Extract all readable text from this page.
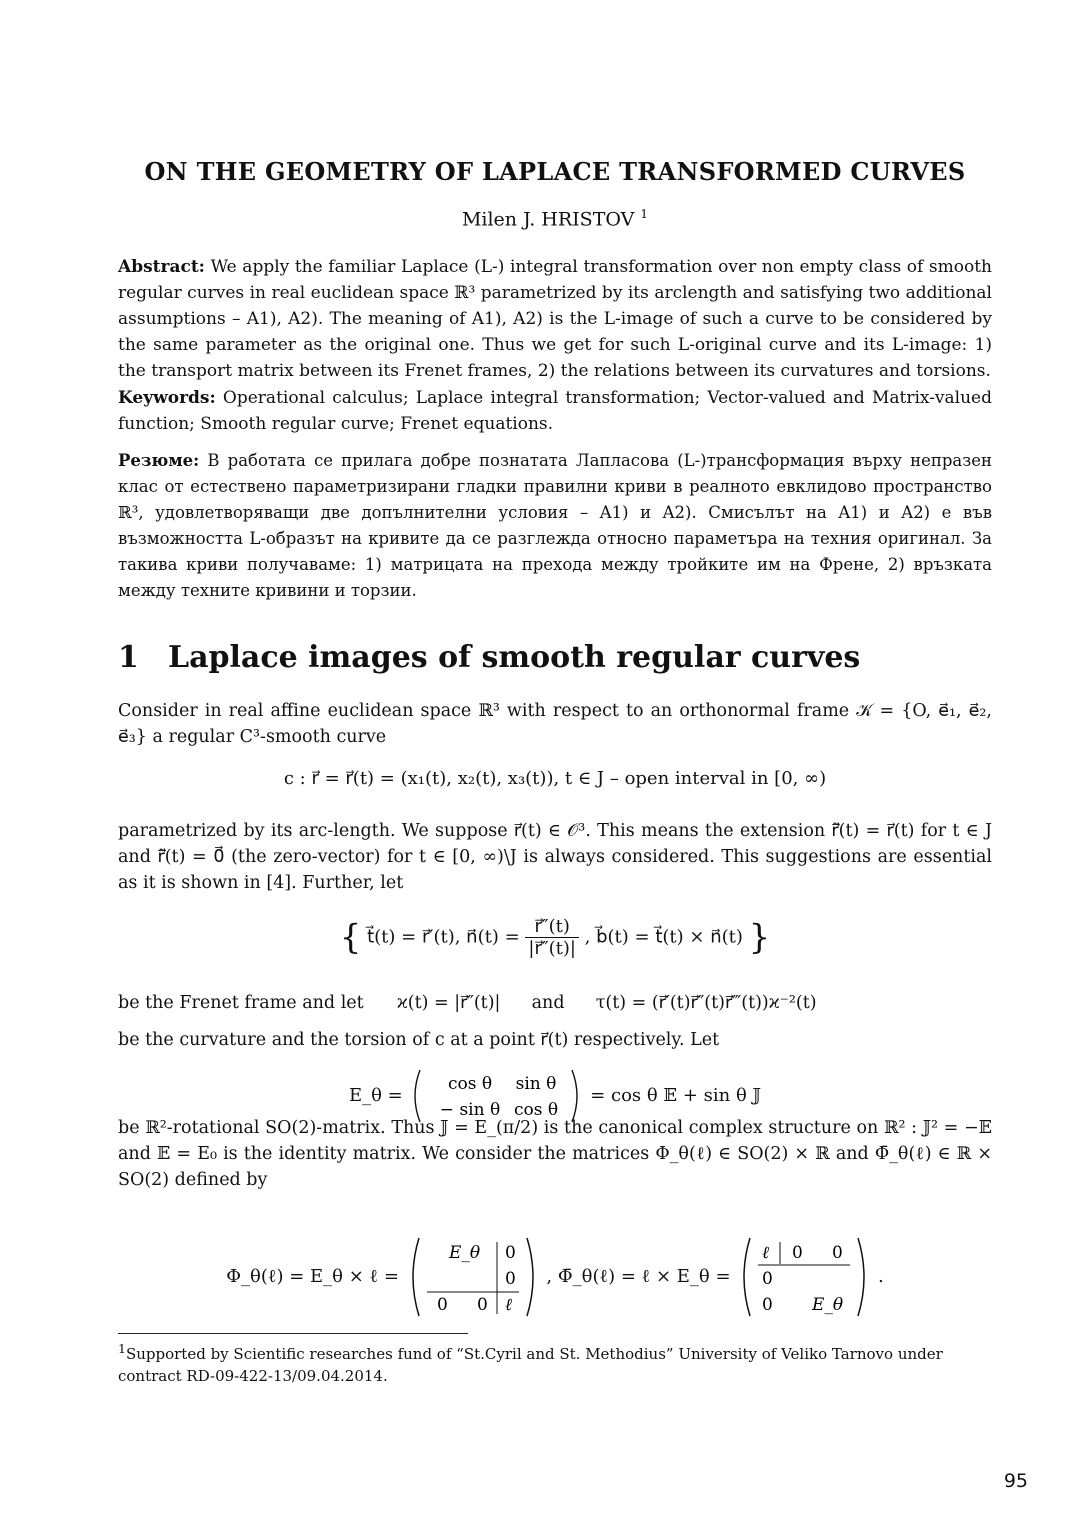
ON THE GEOMETRY OF LAPLACE TRANSFORMED CURVES
Milen J. HRISTOV $^1$

Abstract: We apply the familiar Laplace (L-) integral transformation over non empty class of smooth regular curves in real euclidean space ℝ³ parametrized by its arclength and satisfying two additional assumptions – A1), A2). The meaning of A1), A2) is the L-image of such a curve to be considered by the same parameter as the original one. Thus we get for such L-original curve and its L-image: 1) the transport matrix between its Frenet frames, 2) the relations between its curvatures and torsions.

Keywords: Operational calculus; Laplace integral transformation; Vector-valued and Matrix-valued function; Smooth regular curve; Frenet equations.

Резюме: В работата се прилага добре познатата Лапласова (L-)трансформация върху непразен клас от естествено параметризирани гладки правилни криви в реалното евклидово пространство ℝ³, удовлетворяващи две допълнителни условия – A1) и A2). Смисълът на A1) и A2) е във възможността L-образът на кривите да се разглежда относно параметъра на техния оригинал. За такива криви получаваме: 1) матрицата на прехода между тройките им на Френе, 2) връзката между техните кривини и торзии.

1 Laplace images of smooth regular curves

Consider in real affine euclidean space ℝ³ with respect to an orthonormal frame 𝒦 = {O, e⃗₁, e⃗₂, e⃗₃} a regular C³-smooth curve

c : r⃗ = r⃗(t) = (x₁(t), x₂(t), x₃(t)), t ∈ J – open interval in [0, ∞)

parametrized by its arc-length. We suppose r⃗(t) ∈ 𝒪³. This means the extension r⃗̃(t) = r⃗(t) for t ∈ J and r⃗̃(t) = 0⃗ (the zero-vector) for t ∈ [0, ∞)\J is always considered. This suggestions are essential as it is shown in [4]. Further, let

{ t⃗(t) = r⃗′(t), n⃗(t) = $\frac{r⃗''(t)}{|r⃗''(t)|}$ , b⃗(t) = t⃗(t) × n⃗(t) }
be the Frenet frame and let ϰ(t) = |r⃗″(t)| and τ(t) = (r⃗′(t)r⃗″(t)r⃗‴(t))ϰ⁻²(t)

be the curvature and the torsion of c at a point r⃗(t) respectively. Let

E_θ =
cos θ sin θ
− sin θ cos θ
= cos θ 𝔼 + sin θ 𝕁

be ℝ²-rotational SO(2)-matrix. Thus 𝕁 = E_(π/2) is the canonical complex structure on ℝ² : 𝕁² = −𝔼 and 𝔼 = E₀ is the identity matrix. We consider the matrices Φ_θ(ℓ) ∈ SO(2) × ℝ and Φ̄_θ(ℓ) ∈ ℝ × SO(2) defined by

Φ_θ(ℓ) = E_θ × ℓ =
E_θ 0
0
0 0 ℓ
, Φ̄_θ(ℓ) = ℓ × E_θ =
ℓ 0 0
0
0 E_θ
.
$^1$Supported by Scientific researches fund of “St.Cyril and St. Methodius” University of Veliko Tarnovo under contract RD-09-422-13/09.04.2014.
95
